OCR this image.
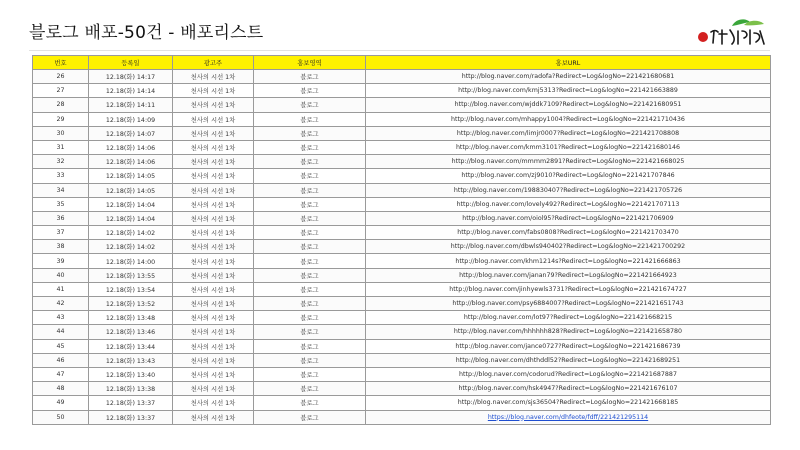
블로그 배포-50건 - 배포리스트
번호	등록일	광고주	홍보영역	홍보URL
26	12.18(화) 14:17	천사의 시선 1차	블로그	http://blog.naver.com/radofa?Redirect=Log&logNo=221421680681
27	12.18(화) 14:14	천사의 시선 1차	블로그	http://blog.naver.com/kmj5313?Redirect=Log&logNo=221421663889
28	12.18(화) 14:11	천사의 시선 1차	블로그	http://blog.naver.com/wjddk7109?Redirect=Log&logNo=221421680951
29	12.18(화) 14:09	천사의 시선 1차	블로그	http://blog.naver.com/mhappy1004?Redirect=Log&logNo=221421710436
30	12.18(화) 14:07	천사의 시선 1차	블로그	http://blog.naver.com/limjr0007?Redirect=Log&logNo=221421708808
31	12.18(화) 14:06	천사의 시선 1차	블로그	http://blog.naver.com/kmm3101?Redirect=Log&logNo=221421680146
32	12.18(화) 14:06	천사의 시선 1차	블로그	http://blog.naver.com/mmmm2891?Redirect=Log&logNo=221421668025
33	12.18(화) 14:05	천사의 시선 1차	블로그	http://blog.naver.com/zj9010?Redirect=Log&logNo=221421707846
34	12.18(화) 14:05	천사의 시선 1차	블로그	http://blog.naver.com/198830407?Redirect=Log&logNo=221421705726
35	12.18(화) 14:04	천사의 시선 1차	블로그	http://blog.naver.com/lovely492?Redirect=Log&logNo=221421707113
36	12.18(화) 14:04	천사의 시선 1차	블로그	http://blog.naver.com/oiol95?Redirect=Log&logNo=221421706909
37	12.18(화) 14:02	천사의 시선 1차	블로그	http://blog.naver.com/fabs0808?Redirect=Log&logNo=221421703470
38	12.18(화) 14:02	천사의 시선 1차	블로그	http://blog.naver.com/dbwls940402?Redirect=Log&logNo=221421700292
39	12.18(화) 14:00	천사의 시선 1차	블로그	http://blog.naver.com/khm1214s?Redirect=Log&logNo=221421666863
40	12.18(화) 13:55	천사의 시선 1차	블로그	http://blog.naver.com/janan79?Redirect=Log&logNo=221421664923
41	12.18(화) 13:54	천사의 시선 1차	블로그	http://blog.naver.com/jinhyewls3731?Redirect=Log&logNo=221421674727
42	12.18(화) 13:52	천사의 시선 1차	블로그	http://blog.naver.com/psy6884007?Redirect=Log&logNo=221421651743
43	12.18(화) 13:48	천사의 시선 1차	블로그	http://blog.naver.com/lot97?Redirect=Log&logNo=221421668215
44	12.18(화) 13:46	천사의 시선 1차	블로그	http://blog.naver.com/hhhhhh828?Redirect=Log&logNo=221421658780
45	12.18(화) 13:44	천사의 시선 1차	블로그	http://blog.naver.com/jance0727?Redirect=Log&logNo=221421686739
46	12.18(화) 13:43	천사의 시선 1차	블로그	http://blog.naver.com/dhthddl52?Redirect=Log&logNo=221421689251
47	12.18(화) 13:40	천사의 시선 1차	블로그	http://blog.naver.com/codorud?Redirect=Log&logNo=221421687887
48	12.18(화) 13:38	천사의 시선 1차	블로그	http://blog.naver.com/hsk4947?Redirect=Log&logNo=221421676107
49	12.18(화) 13:37	천사의 시선 1차	블로그	http://blog.naver.com/sjs36504?Redirect=Log&logNo=221421668185
50	12.18(화) 13:37	천사의 시선 1차	블로그	https://blog.naver.com/dhfeote/fdff/221421295114
